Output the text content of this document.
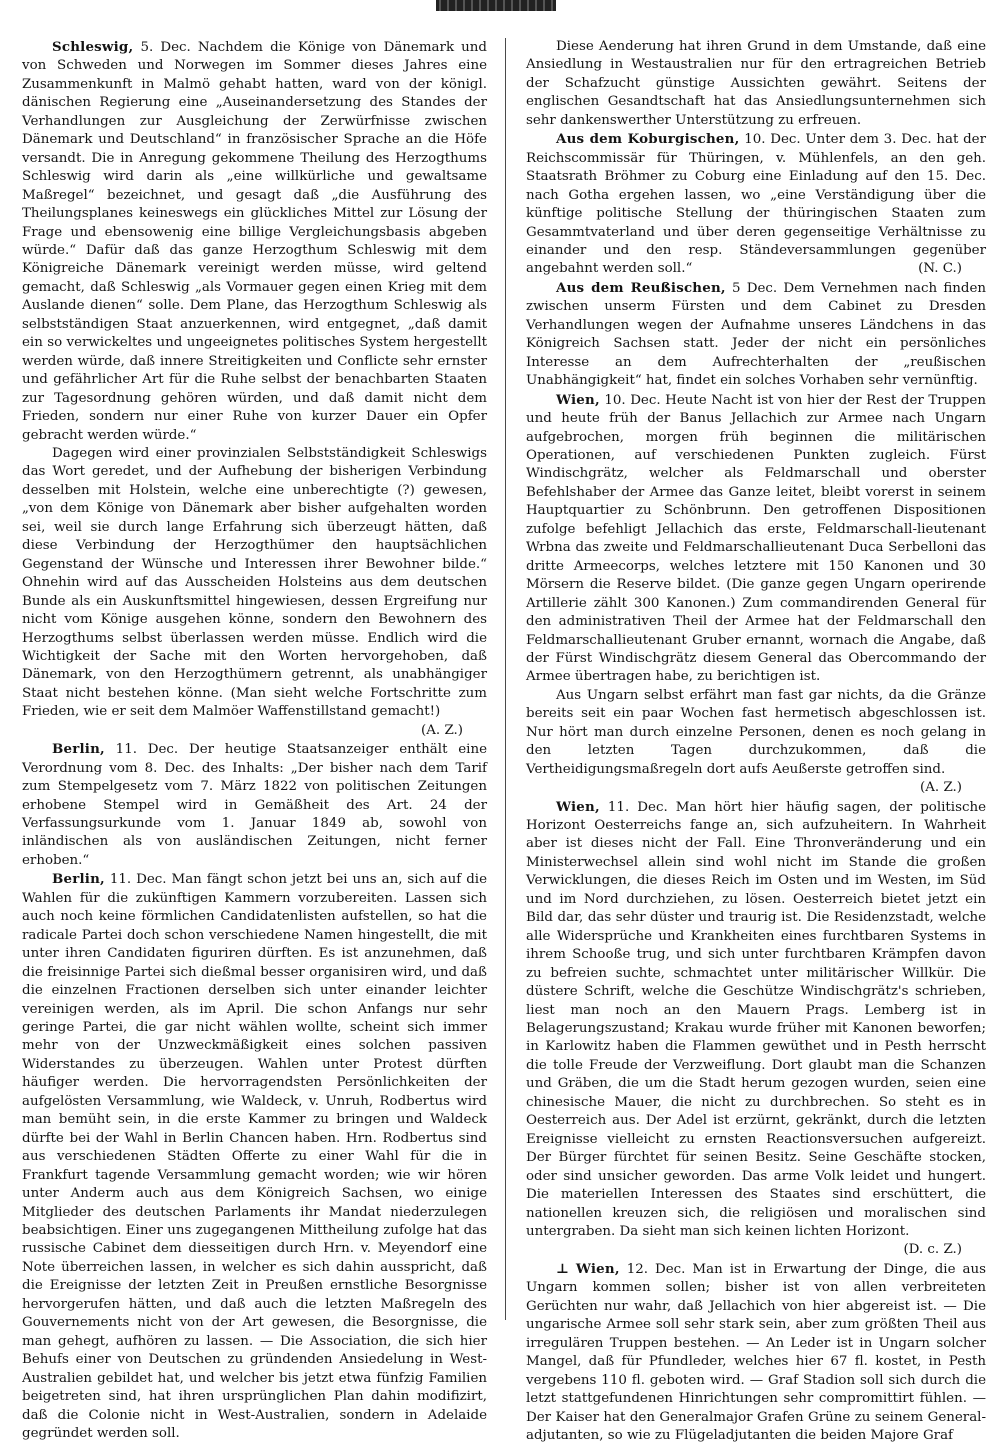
Schleswig, 5. Dec. Nachdem die Könige von Dänemark und von Schweden und Norwegen im Sommer dieses Jahres eine Zusammenkunft in Malmö gehabt hatten, ward von der königl. dänischen Regierung eine „Auseinandersetzung des Standes der Verhandlungen zur Ausgleichung der Zerwürfnisse zwischen Dänemark und Deutschland“ in französischer Sprache an die Höfe versandt. Die in Anregung gekommene Theilung des Herzogthums Schleswig wird darin als „eine willkürliche und gewaltsame Maßregel“ bezeichnet, und gesagt daß „die Ausführung des Theilungsplanes keineswegs ein glückliches Mittel zur Lösung der Frage und ebensowenig eine billige Vergleichungsbasis abgeben würde.“ Dafür daß das ganze Herzogthum Schleswig mit dem Königreiche Dänemark vereinigt werden müsse, wird geltend gemacht, daß Schleswig „als Vormauer gegen einen Krieg mit dem Auslande dienen“ solle. Dem Plane, das Herzogthum Schleswig als selbstständigen Staat anzuerkennen, wird entgegnet, „daß damit ein so verwickeltes und ungeeignetes politisches System hergestellt werden würde, daß innere Streitigkeiten und Conflicte sehr ernster und gefährlicher Art für die Ruhe selbst der benachbarten Staaten zur Tagesordnung gehören würden, und daß damit nicht dem Frieden, sondern nur einer Ruhe von kurzer Dauer ein Opfer gebracht werden würde.“

Dagegen wird einer provinzialen Selbstständigkeit Schleswigs das Wort geredet, und der Aufhebung der bisherigen Verbindung desselben mit Holstein, welche eine unberechtigte (?) gewesen, „von dem Könige von Dänemark aber bisher aufgehalten worden sei, weil sie durch lange Erfahrung sich überzeugt hätten, daß diese Verbindung der Herzogthümer den hauptsächlichen Gegenstand der Wünsche und Interessen ihrer Bewohner bilde.“ Ohnehin wird auf das Ausscheiden Holsteins aus dem deutschen Bunde als ein Auskunftsmittel hingewiesen, dessen Ergreifung nur nicht vom Könige ausgehen könne, sondern den Bewohnern des Herzogthums selbst überlassen werden müsse. Endlich wird die Wichtigkeit der Sache mit den Worten hervorgehoben, daß Dänemark, von den Herzogthümern getrennt, als unabhängiger Staat nicht bestehen könne. (Man sieht welche Fortschritte zum Frieden, wie er seit dem Malmöer Waffenstillstand gemacht!)
(A. Z.)

Berlin, 11. Dec. Der heutige Staatsanzeiger enthält eine Verordnung vom 8. Dec. des Inhalts: „Der bisher nach dem Tarif zum Stempelgesetz vom 7. März 1822 von politischen Zeitungen erhobene Stempel wird in Gemäßheit des Art. 24 der Verfassungsurkunde vom 1. Januar 1849 ab, sowohl von inländischen als von ausländischen Zeitungen, nicht ferner erhoben.“

Berlin, 11. Dec. Man fängt schon jetzt bei uns an, sich auf die Wahlen für die zukünftigen Kammern vorzubereiten. Lassen sich auch noch keine förmlichen Candidatenlisten aufstellen, so hat die radicale Partei doch schon verschiedene Namen hingestellt, die mit unter ihren Candidaten figuriren dürften. Es ist anzunehmen, daß die freisinnige Partei sich dießmal besser organisiren wird, und daß die einzelnen Fractionen derselben sich unter einander leichter vereinigen werden, als im April. Die schon Anfangs nur sehr geringe Partei, die gar nicht wählen wollte, scheint sich immer mehr von der Unzweckmäßigkeit eines solchen passiven Widerstandes zu überzeugen. Wahlen unter Protest dürften häufiger werden. Die hervorragendsten Persönlichkeiten der aufgelösten Versammlung, wie Waldeck, v. Unruh, Rodbertus wird man bemüht sein, in die erste Kammer zu bringen und Waldeck dürfte bei der Wahl in Berlin Chancen haben. Hrn. Rodbertus sind aus verschiedenen Städten Offerte zu einer Wahl für die in Frankfurt tagende Versammlung gemacht worden; wie wir hören unter Anderm auch aus dem Königreich Sachsen, wo einige Mitglieder des deutschen Parlaments ihr Mandat niederzulegen beabsichtigen. Einer uns zugegangenen Mittheilung zufolge hat das russische Cabinet dem diesseitigen durch Hrn. v. Meyendorf eine Note überreichen lassen, in welcher es sich dahin ausspricht, daß die Ereignisse der letzten Zeit in Preußen ernstliche Besorgnisse hervorgerufen hätten, und daß auch die letzten Maßregeln des Gouvernements nicht von der Art gewesen, die Besorgnisse, die man gehegt, aufhören zu lassen. — Die Association, die sich hier Behufs einer von Deutschen zu gründenden Ansiedelung in West-Australien gebildet hat, und welcher bis jetzt etwa fünfzig Familien beigetreten sind, hat ihren ursprünglichen Plan dahin modifizirt, daß die Colonie nicht in West-Australien, sondern in Adelaide gegründet werden soll.

Diese Aenderung hat ihren Grund in dem Umstande, daß eine Ansiedlung in Westaustralien nur für den ertragreichen Betrieb der Schafzucht günstige Aussichten gewährt. Seitens der englischen Gesandtschaft hat das Ansiedlungsunternehmen sich sehr dankenswerther Unterstützung zu erfreuen.

Aus dem Koburgischen, 10. Dec. Unter dem 3. Dec. hat der Reichscommissär für Thüringen, v. Mühlenfels, an den geh. Staatsrath Bröhmer zu Coburg eine Einladung auf den 15. Dec. nach Gotha ergehen lassen, wo „eine Verständigung über die künftige politische Stellung der thüringischen Staaten zum Gesammtvaterland und über deren gegenseitige Verhältnisse zu einander und den resp. Ständeversammlungen gegenüber angebahnt werden soll.“	(N. C.)

Aus dem Reußischen, 5 Dec. Dem Vernehmen nach finden zwischen unserm Fürsten und dem Cabinet zu Dresden Verhandlungen wegen der Aufnahme unseres Ländchens in das Königreich Sachsen statt. Jeder der nicht ein persönliches Interesse an dem Aufrechterhalten der „reußischen Unabhängigkeit“ hat, findet ein solches Vorhaben sehr vernünftig.

Wien, 10. Dec. Heute Nacht ist von hier der Rest der Truppen und heute früh der Banus Jellachich zur Armee nach Ungarn aufgebrochen, morgen früh beginnen die militärischen Operationen, auf verschiedenen Punkten zugleich. Fürst Windischgrätz, welcher als Feldmarschall und oberster Befehlshaber der Armee das Ganze leitet, bleibt vorerst in seinem Hauptquartier zu Schönbrunn. Den getroffenen Dispositionen zufolge befehligt Jellachich das erste, Feldmarschall-lieutenant Wrbna das zweite und Feldmarschallieutenant Duca Serbelloni das dritte Armeecorps, welches letztere mit 150 Kanonen und 30 Mörsern die Reserve bildet. (Die ganze gegen Ungarn operirende Artillerie zählt 300 Kanonen.) Zum commandirenden General für den administrativen Theil der Armee hat der Feldmarschall den Feldmarschallieutenant Gruber ernannt, wornach die Angabe, daß der Fürst Windischgrätz diesem General das Obercommando der Armee übertragen habe, zu berichtigen ist.

Aus Ungarn selbst erfährt man fast gar nichts, da die Gränze bereits seit ein paar Wochen fast hermetisch abgeschlossen ist. Nur hört man durch einzelne Personen, denen es noch gelang in den letzten Tagen durchzukommen, daß die Vertheidigungsmaßregeln dort aufs Aeußerste getroffen sind.
(A. Z.)

Wien, 11. Dec. Man hört hier häufig sagen, der politische Horizont Oesterreichs fange an, sich aufzuheitern. In Wahrheit aber ist dieses nicht der Fall. Eine Thronveränderung und ein Ministerwechsel allein sind wohl nicht im Stande die großen Verwicklungen, die dieses Reich im Osten und im Westen, im Süd und im Nord durchziehen, zu lösen. Oesterreich bietet jetzt ein Bild dar, das sehr düster und traurig ist. Die Residenzstadt, welche alle Widersprüche und Krankheiten eines furchtbaren Systems in ihrem Schooße trug, und sich unter furchtbaren Krämpfen davon zu befreien suchte, schmachtet unter militärischer Willkür. Die düstere Schrift, welche die Geschütze Windischgrätz's schrieben, liest man noch an den Mauern Prags. Lemberg ist in Belagerungszustand; Krakau wurde früher mit Kanonen beworfen; in Karlowitz haben die Flammen gewüthet und in Pesth herrscht die tolle Freude der Verzweiflung. Dort glaubt man die Schanzen und Gräben, die um die Stadt herum gezogen wurden, seien eine chinesische Mauer, die nicht zu durchbrechen. So steht es in Oesterreich aus. Der Adel ist erzürnt, gekränkt, durch die letzten Ereignisse vielleicht zu ernsten Reactionsversuchen aufgereizt. Der Bürger fürchtet für seinen Besitz. Seine Geschäfte stocken, oder sind unsicher geworden. Das arme Volk leidet und hungert. Die materiellen Interessen des Staates sind erschüttert, die nationellen kreuzen sich, die religiösen und moralischen sind untergraben. Da sieht man sich keinen lichten Horizont.
(D. c. Z.)

⊥ Wien, 12. Dec. Man ist in Erwartung der Dinge, die aus Ungarn kommen sollen; bisher ist von allen verbreiteten Gerüchten nur wahr, daß Jellachich von hier abgereist ist. — Die ungarische Armee soll sehr stark sein, aber zum größten Theil aus irregulären Truppen bestehen. — An Leder ist in Ungarn solcher Mangel, daß für Pfundleder, welches hier 67 fl. kostet, in Pesth vergebens 110 fl. geboten wird. — Graf Stadion soll sich durch die letzt stattgefundenen Hinrichtungen sehr compromittirt fühlen. — Der Kaiser hat den Generalmajor Grafen Grüne zu seinem General-adjutanten, so wie zu Flügeladjutanten die beiden Majore Graf
